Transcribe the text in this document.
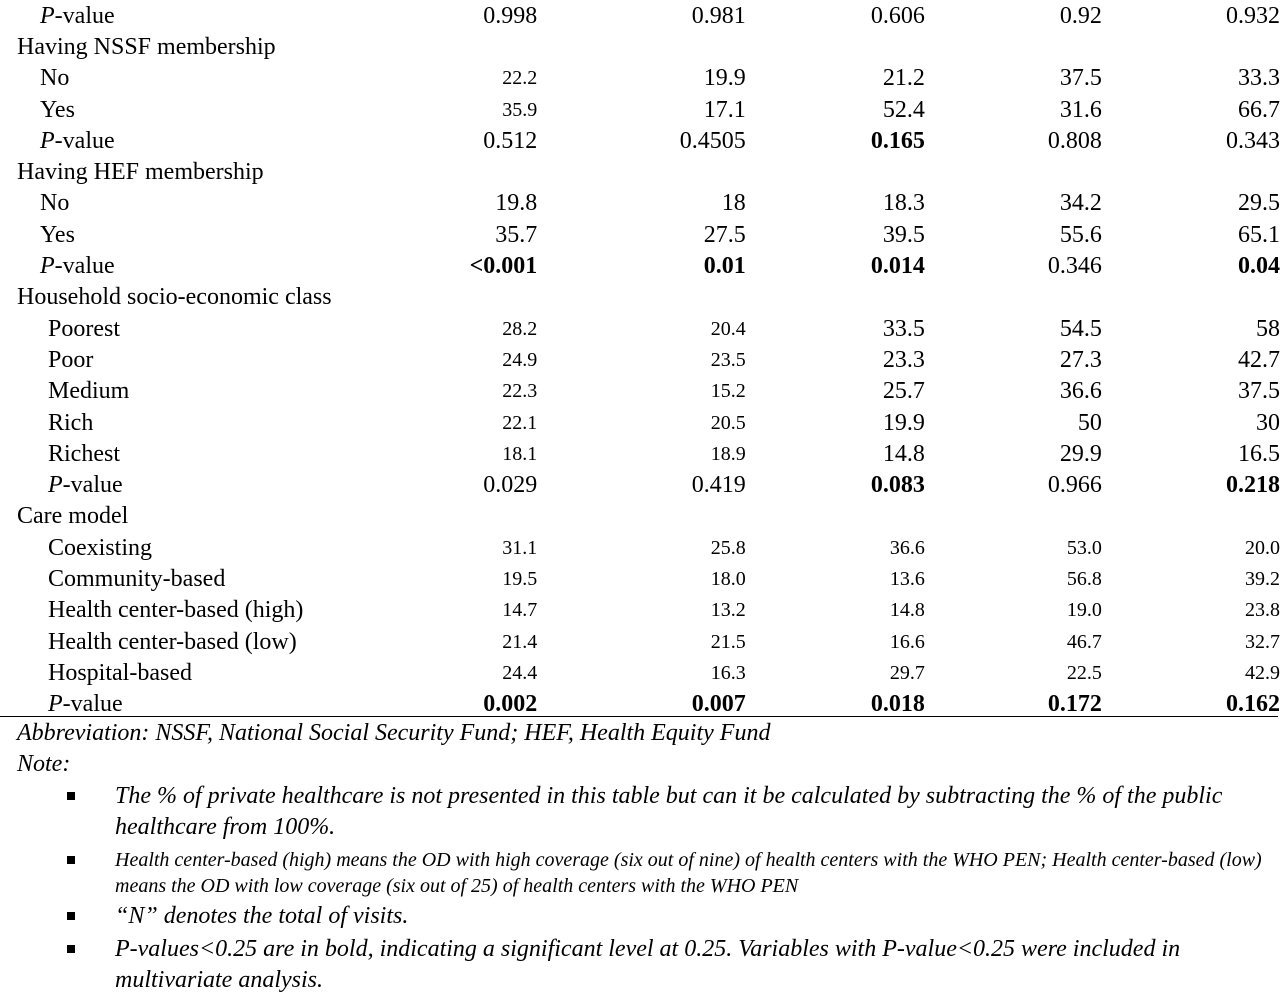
P-value	0.998	0.981	0.606	0.92	0.932
Having NSSF membership					
No	22.2	19.9	21.2	37.5	33.3
Yes	35.9	17.1	52.4	31.6	66.7
P-value	0.512	0.4505	0.165	0.808	0.343
Having HEF membership					
No	19.8	18	18.3	34.2	29.5
Yes	35.7	27.5	39.5	55.6	65.1
P-value	<0.001	0.01	0.014	0.346	0.04
Household socio-economic class					
Poorest	28.2	20.4	33.5	54.5	58
Poor	24.9	23.5	23.3	27.3	42.7
Medium	22.3	15.2	25.7	36.6	37.5
Rich	22.1	20.5	19.9	50	30
Richest	18.1	18.9	14.8	29.9	16.5
P-value	0.029	0.419	0.083	0.966	0.218
Care model					
Coexisting	31.1	25.8	36.6	53.0	20.0
Community-based	19.5	18.0	13.6	56.8	39.2
Health center-based (high)	14.7	13.2	14.8	19.0	23.8
Health center-based (low)	21.4	21.5	16.6	46.7	32.7
Hospital-based	24.4	16.3	29.7	22.5	42.9
P-value	0.002	0.007	0.018	0.172	0.162
Abbreviation: NSSF, National Social Security Fund; HEF, Health Equity Fund
Note:
The % of private healthcare is not presented in this table but can it be calculated by subtracting the % of the public healthcare from 100%.
Health center-based (high) means the OD with high coverage (six out of nine) of health centers with the WHO PEN; Health center-based (low) means the OD with low coverage (six out of 25) of health centers with the WHO PEN
“N” denotes the total of visits.
P-values<0.25 are in bold, indicating a significant level at 0.25. Variables with P-value<0.25 were included in multivariate analysis.
